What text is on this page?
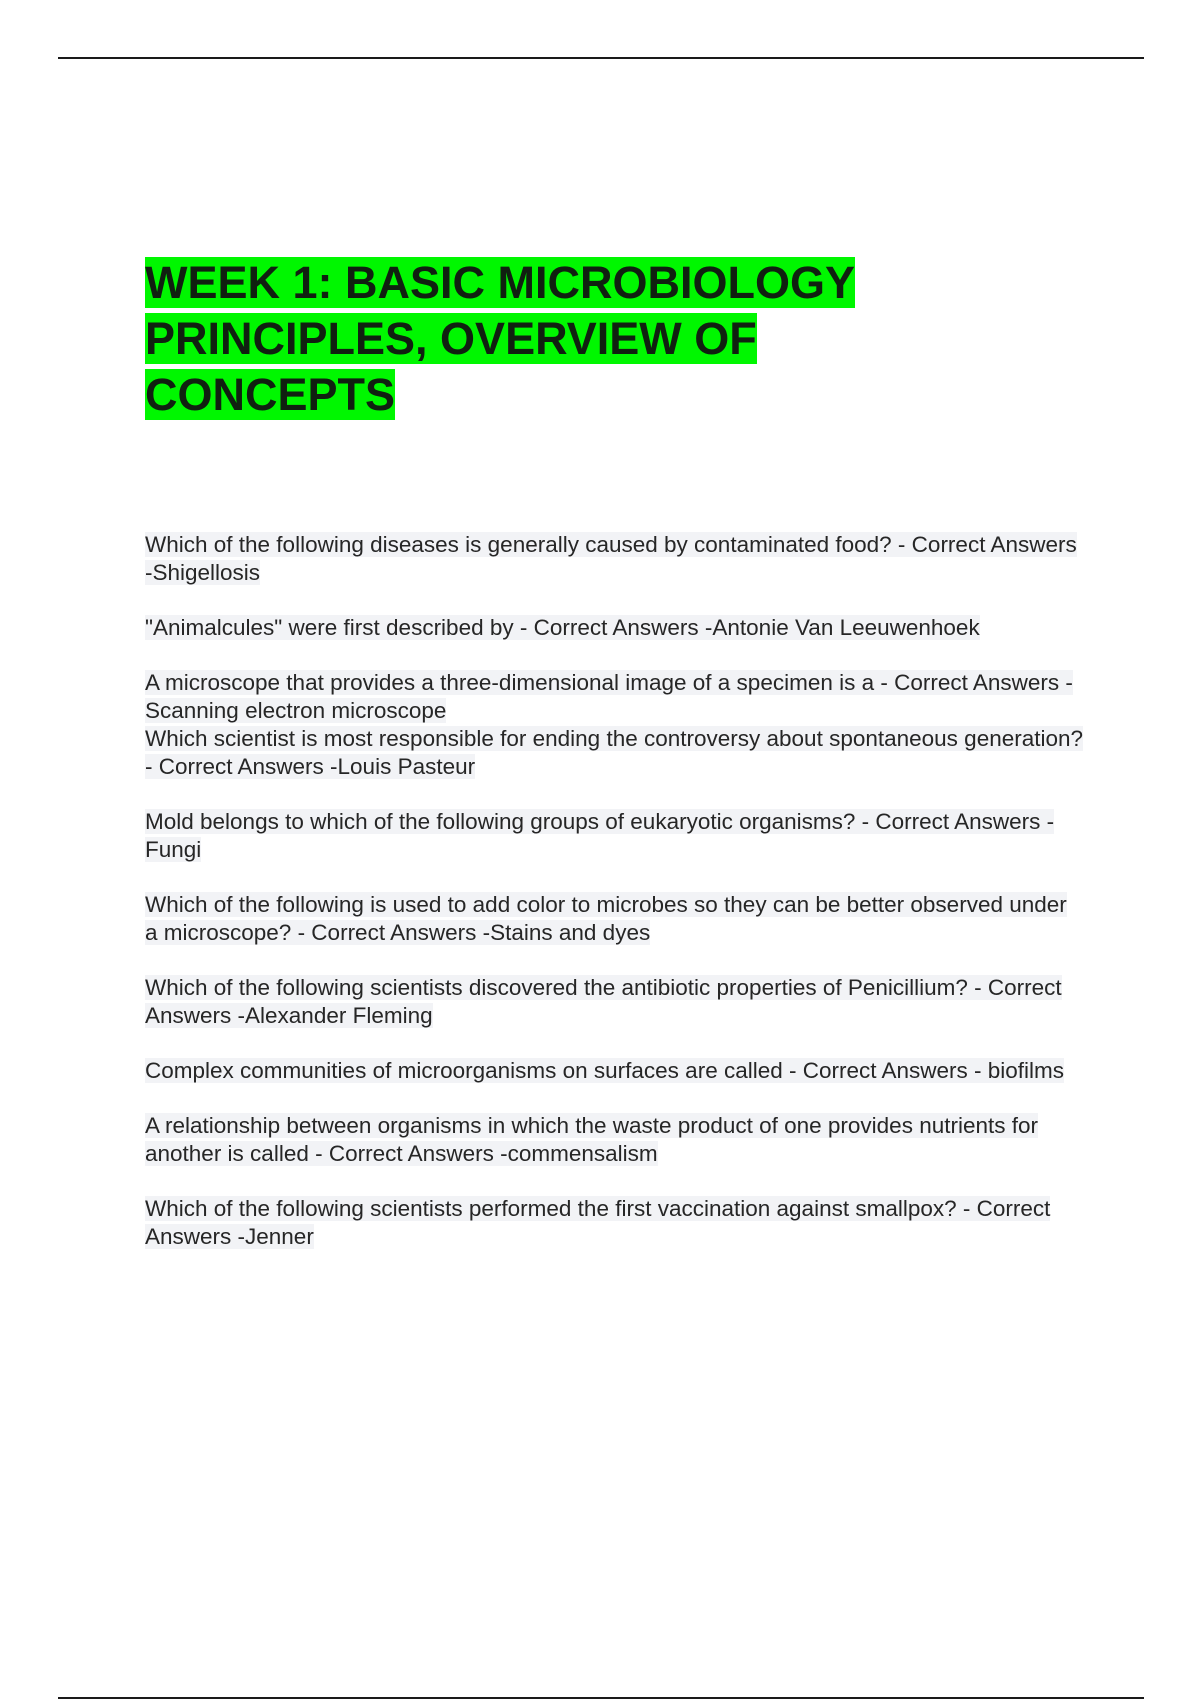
WEEK 1: BASIC MICROBIOLOGY PRINCIPLES, OVERVIEW OF CONCEPTS

Which of the following diseases is generally caused by contaminated food? - Correct Answers -Shigellosis

"Animalcules" were first described by - Correct Answers -Antonie Van Leeuwenhoek

A microscope that provides a three-dimensional image of a specimen is a - Correct Answers -Scanning electron microscope

Which scientist is most responsible for ending the controversy about spontaneous generation? - Correct Answers -Louis Pasteur

Mold belongs to which of the following groups of eukaryotic organisms? - Correct Answers -Fungi

Which of the following is used to add color to microbes so they can be better observed under a microscope? - Correct Answers -Stains and dyes

Which of the following scientists discovered the antibiotic properties of Penicillium? - Correct Answers -Alexander Fleming

Complex communities of microorganisms on surfaces are called - Correct Answers - biofilms

A relationship between organisms in which the waste product of one provides nutrients for another is called - Correct Answers -commensalism

Which of the following scientists performed the first vaccination against smallpox? - Correct Answers -Jenner
